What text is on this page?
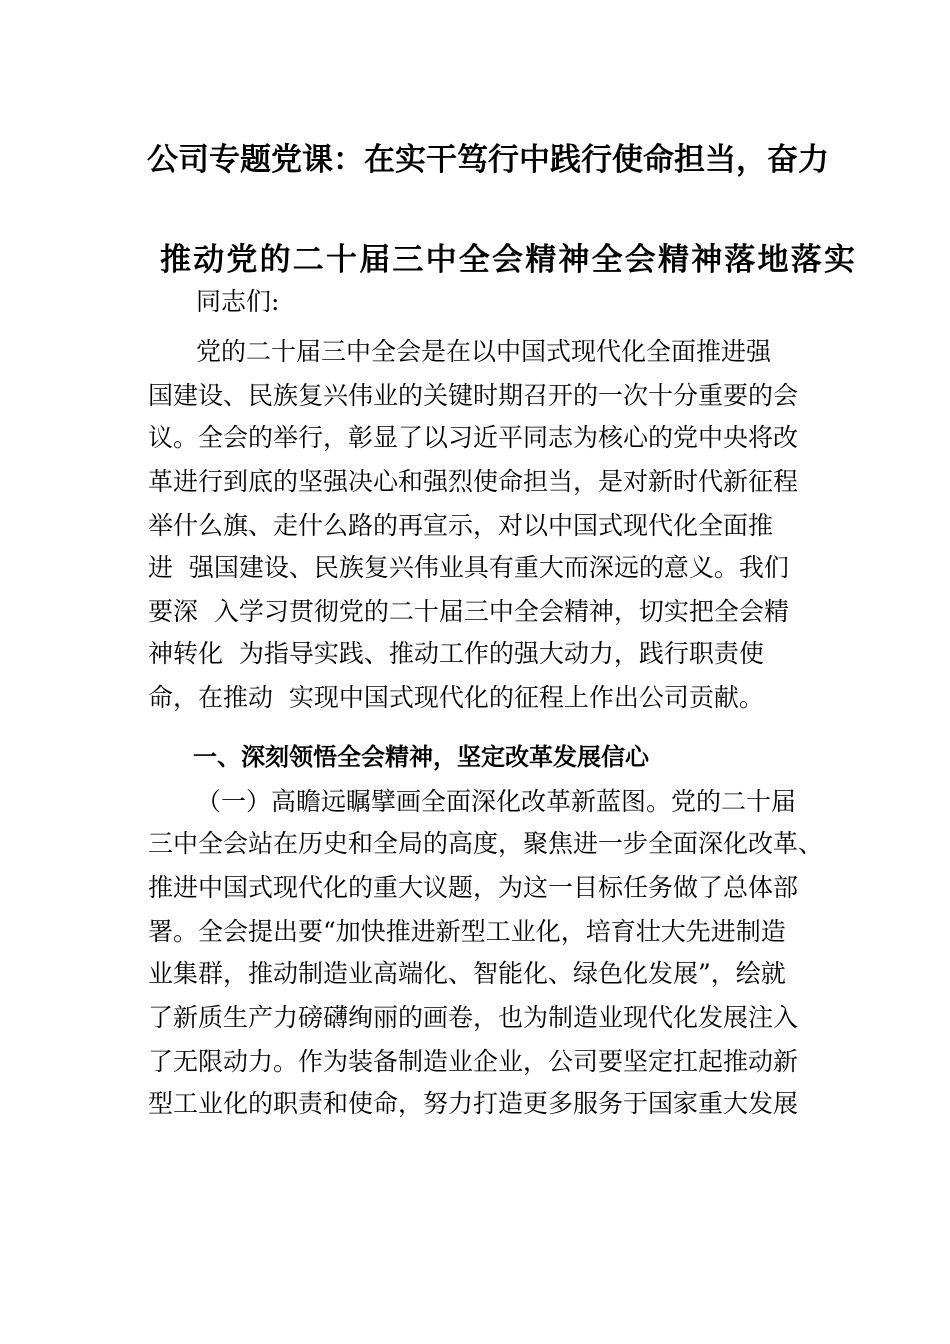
公司专题党课：在实干笃行中践行使命担当，奋力
推动党的二十届三中全会精神全会精神落地落实
同志们:
党的二十届三中全会是在以中国式现代化全面推进强
国建设、民族复兴伟业的关键时期召开的一次十分重要的会
议。全会的举行，彰显了以习近平同志为核心的党中央将改
革进行到底的坚强决心和强烈使命担当，是对新时代新征程
举什么旗、走什么路的再宣示，对以中国式现代化全面推
进  强国建设、民族复兴伟业具有重大而深远的意义。我们
要深  入学习贯彻党的二十届三中全会精神，切实把全会精
神转化  为指导实践、推动工作的强大动力，践行职责使
命，在推动  实现中国式现代化的征程上作出公司贡献。
一、深刻领悟全会精神，坚定改革发展信心
（一）高瞻远瞩擘画全面深化改革新蓝图。党的二十届
三中全会站在历史和全局的高度，聚焦进一步全面深化改革、
推进中国式现代化的重大议题，为这一目标任务做了总体部
署。全会提出要“加快推进新型工业化，培育壮大先进制造
业集群，推动制造业高端化、智能化、绿色化发展”，绘就
了新质生产力磅礴绚丽的画卷，也为制造业现代化发展注入
了无限动力。作为装备制造业企业，公司要坚定扛起推动新
型工业化的职责和使命，努力打造更多服务于国家重大发展
